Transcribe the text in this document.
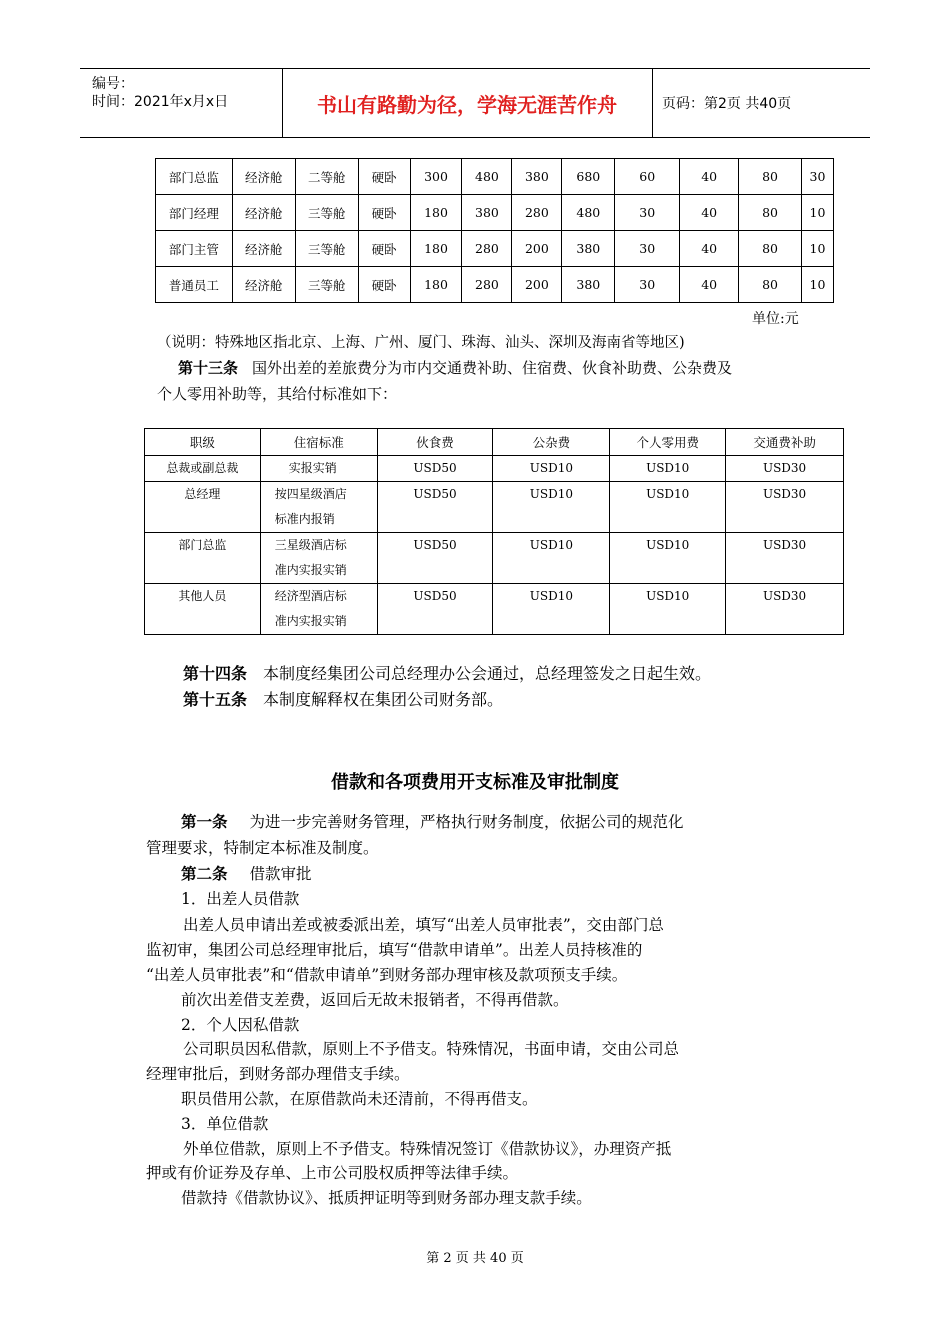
编号：
时间：2021年x月x日	书山有路勤为径，学海无涯苦作舟	页码：第2页 共40页
部门总监	经济舱	二等舱	硬卧	300	480	380	680	60	40	80	30
部门经理	经济舱	三等舱	硬卧	180	380	280	480	30	40	80	10
部门主管	经济舱	三等舱	硬卧	180	280	200	380	30	40	80	10
普通员工	经济舱	三等舱	硬卧	180	280	200	380	30	40	80	10
单位:元
（说明：特殊地区指北京、上海、广州、厦门、珠海、汕头、深圳及海南省等地区)
第十三条 国外出差的差旅费分为市内交通费补助、住宿费、伙食补助费、公杂费及
个人零用补助等，其给付标准如下：
职级	住宿标准	伙食费	公杂费	个人零用费	交通费补助
总裁或副总裁	实报实销	USD50	USD10	USD10	USD30
总经理	按四星级酒店
标准内报销	USD50	USD10	USD10	USD30
部门总监	三星级酒店标
准内实报实销	USD50	USD10	USD10	USD30
其他人员	经济型酒店标
准内实报实销	USD50	USD10	USD10	USD30
第十四条 本制度经集团公司总经理办公会通过，总经理签发之日起生效。
第十五条 本制度解释权在集团公司财务部。
借款和各项费用开支标准及审批制度
第一条 为进一步完善财务管理，严格执行财务制度，依据公司的规范化
管理要求，特制定本标准及制度。
第二条 借款审批
1．出差人员借款
出差人员申请出差或被委派出差，填写“出差人员审批表”，交由部门总
监初审，集团公司总经理审批后，填写“借款申请单”。出差人员持核准的
“出差人员审批表”和“借款申请单”到财务部办理审核及款项预支手续。
前次出差借支差费，返回后无故未报销者，不得再借款。
2．个人因私借款
公司职员因私借款，原则上不予借支。特殊情况，书面申请，交由公司总
经理审批后，到财务部办理借支手续。
职员借用公款，在原借款尚未还清前，不得再借支。
3．单位借款
外单位借款，原则上不予借支。特殊情况签订《借款协议》，办理资产抵
押或有价证券及存单、上市公司股权质押等法律手续。
借款持《借款协议》、抵质押证明等到财务部办理支款手续。
第 2 页 共 40 页
